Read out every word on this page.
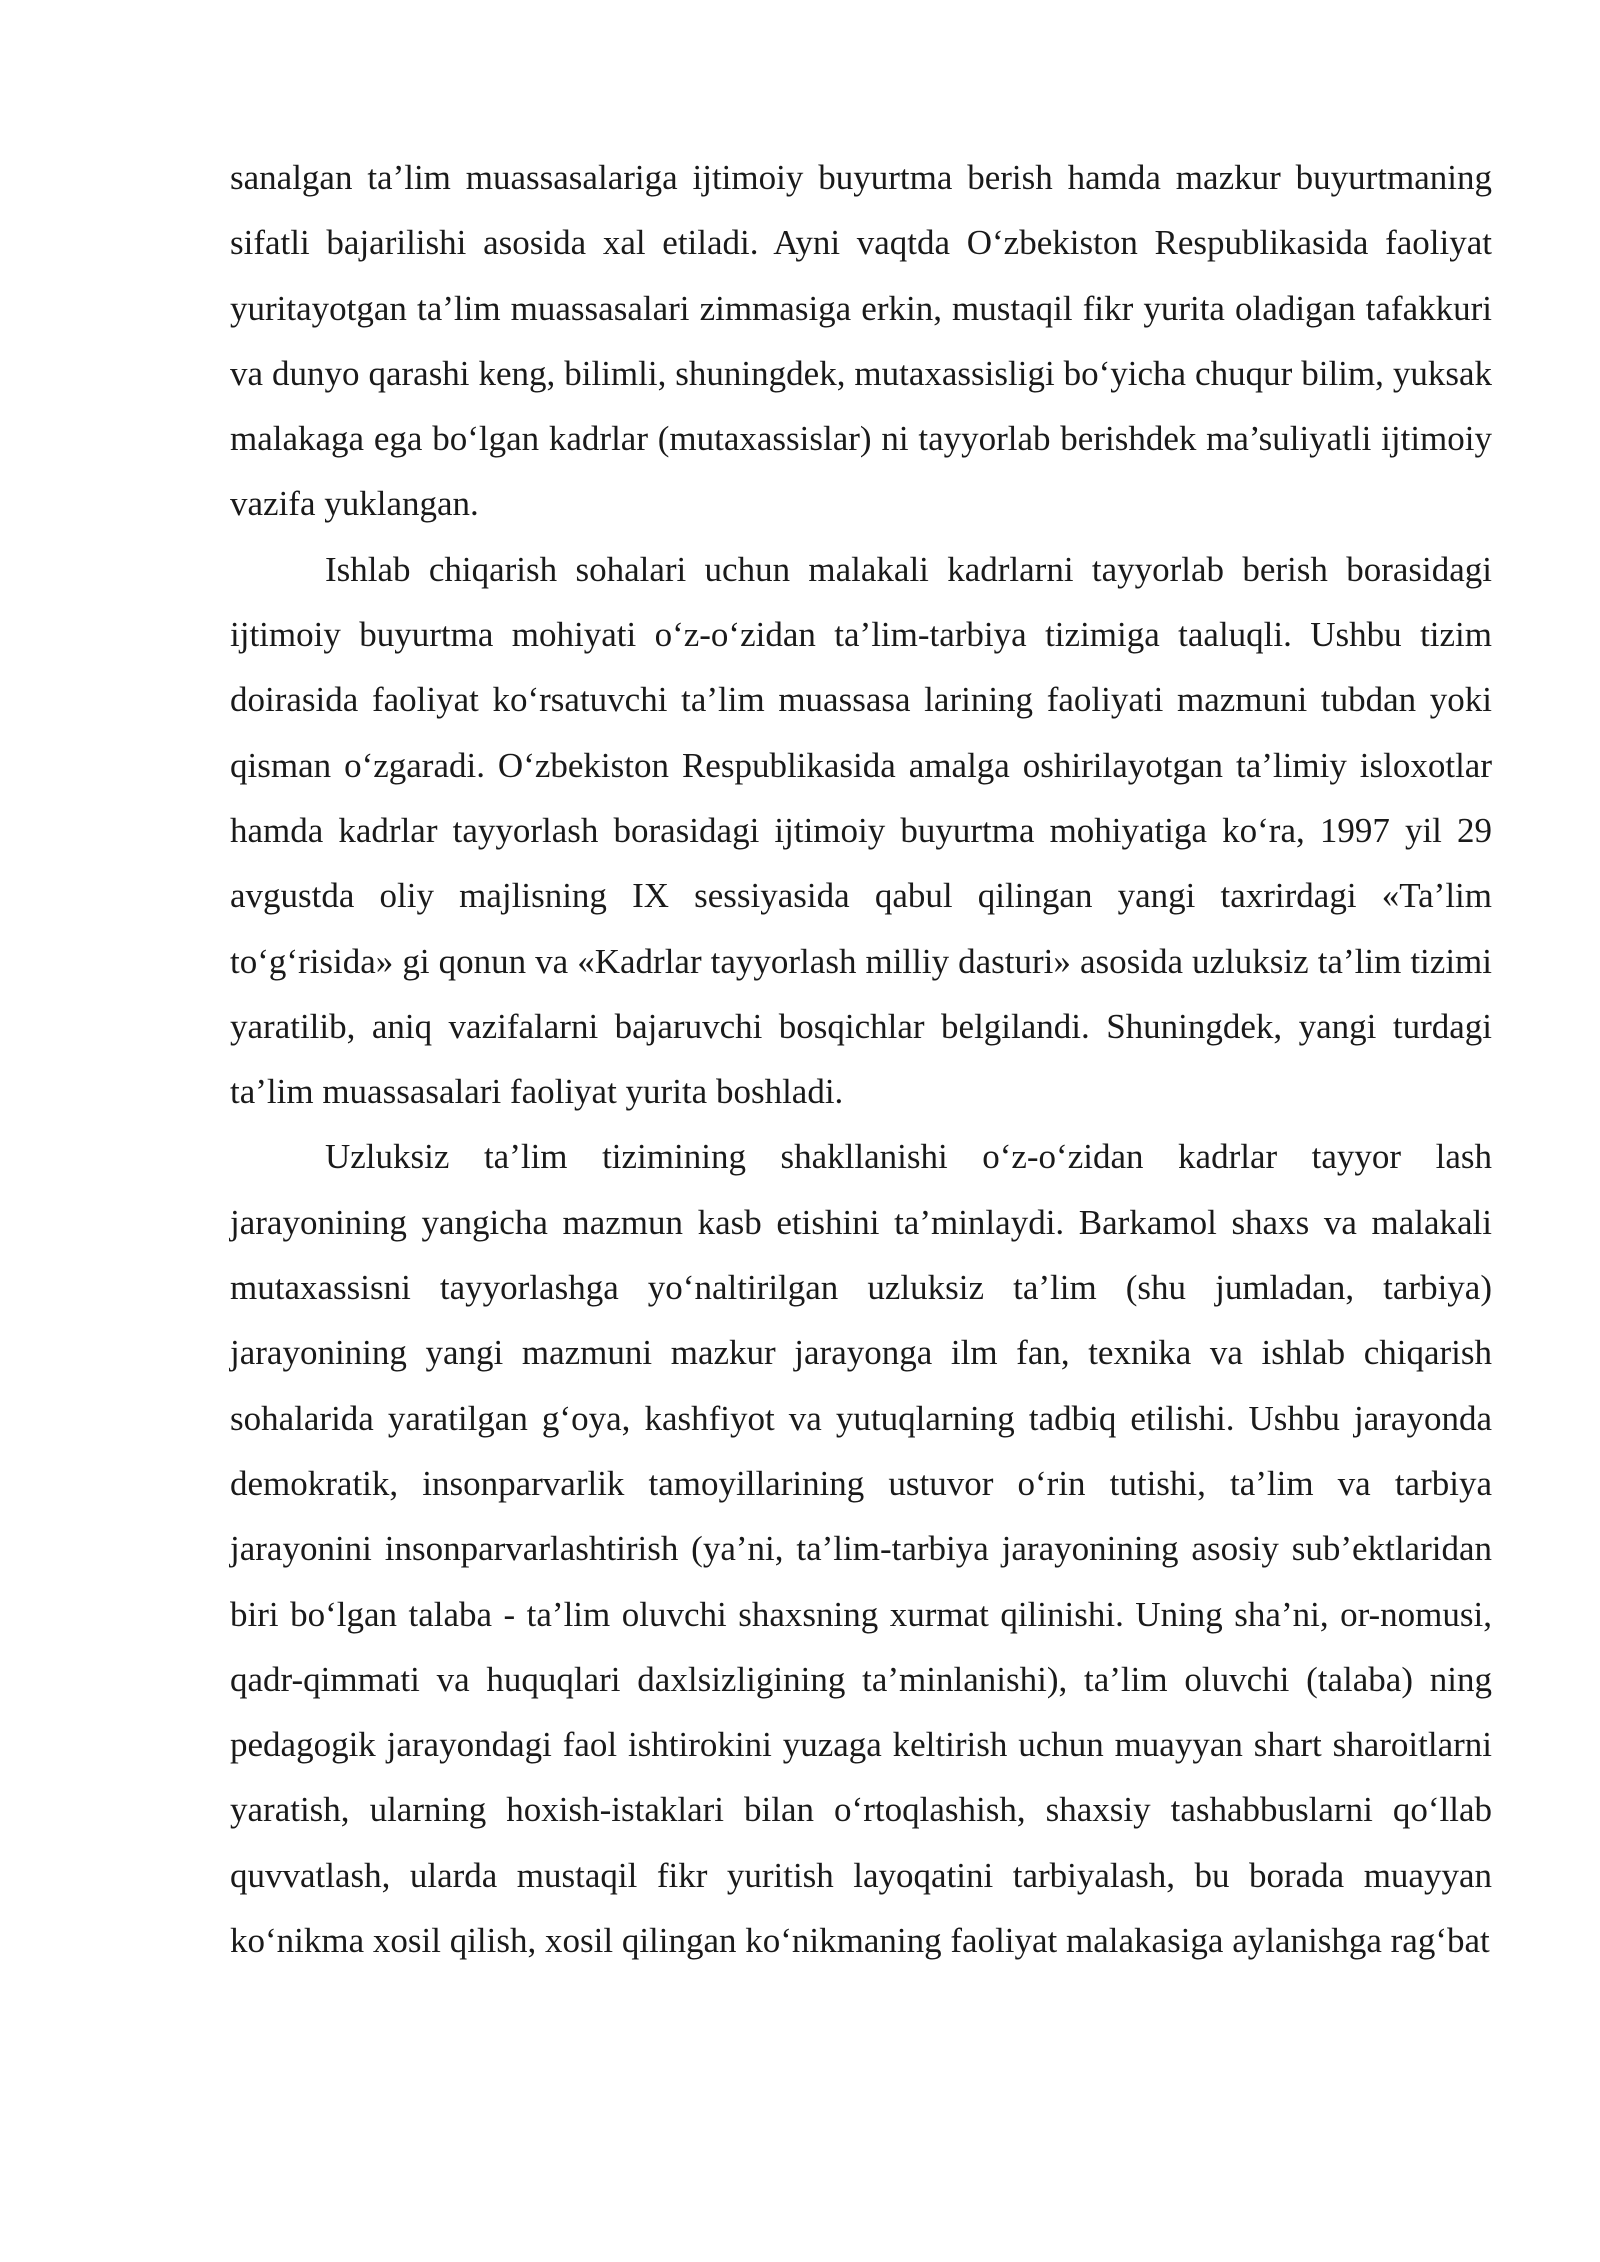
sanalgan ta’lim muassasalariga ijtimoiy buyurtma berish hamda mazkur buyurtmaning sifatli bajarilishi asosida xal etiladi. Ayni vaqtda O‘zbekiston Respublikasida faoliyat yuritayotgan ta’lim muassasalari zimmasiga erkin, mustaqil fikr yurita oladigan tafakkuri va dunyo qarashi keng, bilimli, shuningdek, mutaxassisligi bo‘yicha chuqur bilim, yuksak malakaga ega bo‘lgan kadrlar (mutaxassislar) ni tayyorlab berishdek ma’suliyatli ijtimoiy vazifa yuklangan.

Ishlab chiqarish sohalari uchun malakali kadrlarni tayyorlab berish borasidagi ijtimoiy buyurtma mohiyati o‘z-o‘zidan ta’lim-tarbiya tizimiga taaluqli. Ushbu tizim doirasida faoliyat ko‘rsatuvchi ta’lim muassasa larining faoliyati mazmuni tubdan yoki qisman o‘zgaradi. O‘zbekiston Respublikasida amalga oshirilayotgan ta’limiy isloxotlar hamda kadrlar tayyorlash borasidagi ijtimoiy buyurtma mohiyatiga ko‘ra, 1997 yil 29 avgustda oliy majlisning IX sessiyasida qabul qilingan yangi taxrirdagi «Ta’lim to‘g‘risida» gi qonun va «Kadrlar tayyorlash milliy dasturi» asosida uzluksiz ta’lim tizimi yaratilib, aniq vazifalarni bajaruvchi bosqichlar belgilandi. Shuningdek, yangi turdagi ta’lim muassasalari faoliyat yurita boshladi.

Uzluksiz ta’lim tizimining shakllanishi o‘z-o‘zidan kadrlar tayyor lash jarayonining yangicha mazmun kasb etishini ta’minlaydi. Barkamol shaxs va malakali mutaxassisni tayyorlashga yo‘naltirilgan uzluksiz ta’lim (shu jumladan, tarbiya) jarayonining yangi mazmuni mazkur jarayonga ilm fan, texnika va ishlab chiqarish sohalarida yaratilgan g‘oya, kashfiyot va yutuqlarning tadbiq etilishi. Ushbu jarayonda demokratik, insonparvarlik tamoyillarining ustuvor o‘rin tutishi, ta’lim va tarbiya jarayonini insonparvarlashtirish (ya’ni, ta’lim-tarbiya jarayonining asosiy sub’ektlaridan biri bo‘lgan talaba - ta’lim oluvchi shaxsning xurmat qilinishi. Uning sha’ni, or-nomusi, qadr-qimmati va huquqlari daxlsizligining ta’minlanishi), ta’lim oluvchi (talaba) ning pedagogik jarayondagi faol ishtirokini yuzaga keltirish uchun muayyan shart sharoitlarni yaratish, ularning hoxish-istaklari bilan o‘rtoqlashish, shaxsiy tashabbuslarni qo‘llab quvvatlash, ularda mustaqil fikr yuritish layoqatini tarbiyalash, bu borada muayyan ko‘nikma xosil qilish, xosil qilingan ko‘nikmaning faoliyat malakasiga aylanishga rag‘bat
